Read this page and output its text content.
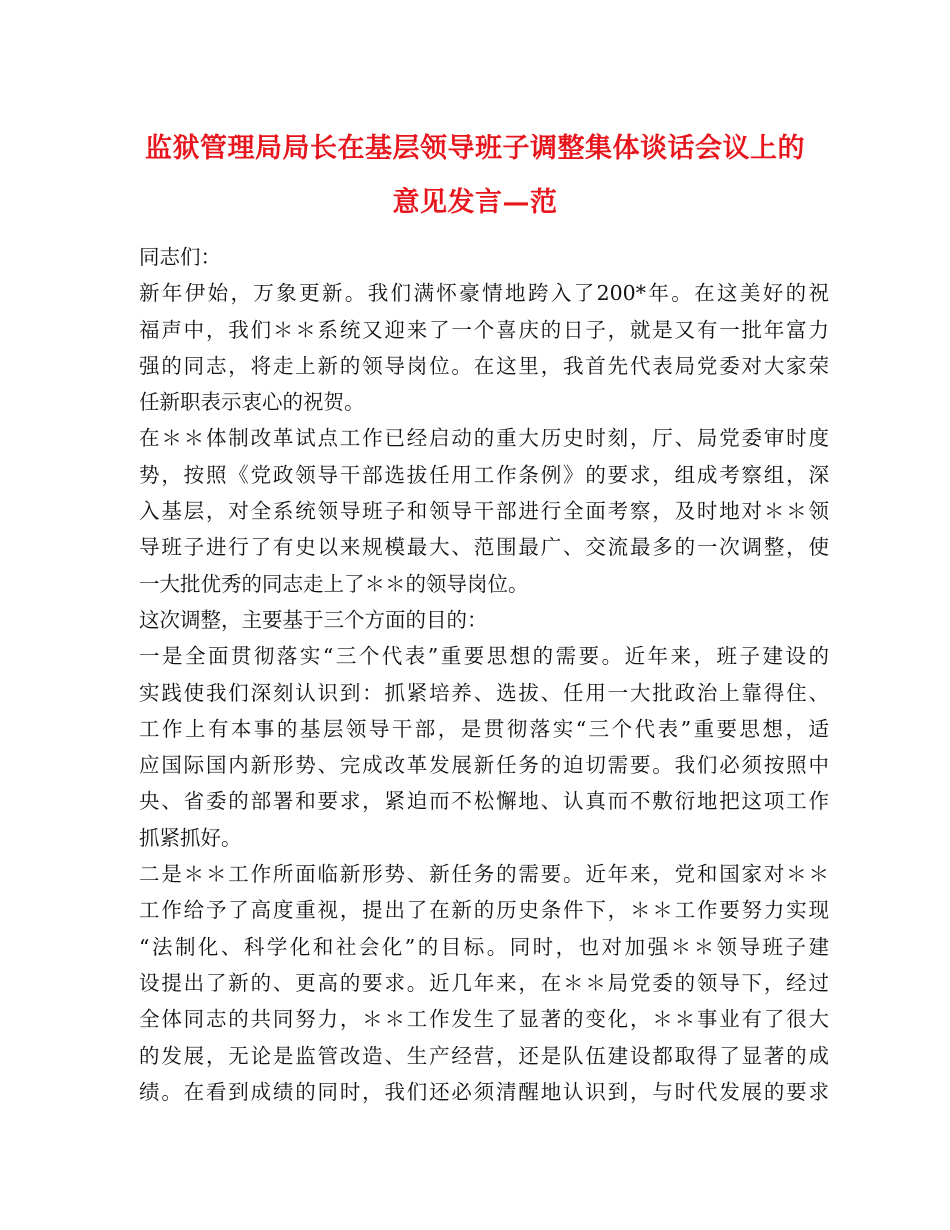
监狱管理局局长在基层领导班子调整集体谈话会议上的
意见发言—范
同志们：
新年伊始，万象更新。我们满怀豪情地跨入了200*年。在这美好的祝
福声中，我们＊＊系统又迎来了一个喜庆的日子，就是又有一批年富力
强的同志，将走上新的领导岗位。在这里，我首先代表局党委对大家荣
任新职表示衷心的祝贺。
在＊＊体制改革试点工作已经启动的重大历史时刻，厅、局党委审时度
势，按照《党政领导干部选拔任用工作条例》的要求，组成考察组，深
入基层，对全系统领导班子和领导干部进行全面考察，及时地对＊＊领
导班子进行了有史以来规模最大、范围最广、交流最多的一次调整，使
一大批优秀的同志走上了＊＊的领导岗位。
这次调整，主要基于三个方面的目的：
一是全面贯彻落实“三个代表”重要思想的需要。近年来，班子建设的
实践使我们深刻认识到：抓紧培养、选拔、任用一大批政治上靠得住、
工作上有本事的基层领导干部，是贯彻落实“三个代表”重要思想，适
应国际国内新形势、完成改革发展新任务的迫切需要。我们必须按照中
央、省委的部署和要求，紧迫而不松懈地、认真而不敷衍地把这项工作
抓紧抓好。
二是＊＊工作所面临新形势、新任务的需要。近年来，党和国家对＊＊
工作给予了高度重视，提出了在新的历史条件下，＊＊工作要努力实现
“法制化、科学化和社会化”的目标。同时，也对加强＊＊领导班子建
设提出了新的、更高的要求。近几年来，在＊＊局党委的领导下，经过
全体同志的共同努力，＊＊工作发生了显著的变化，＊＊事业有了很大
的发展，无论是监管改造、生产经营，还是队伍建设都取得了显著的成
绩。在看到成绩的同时，我们还必须清醒地认识到，与时代发展的要求
